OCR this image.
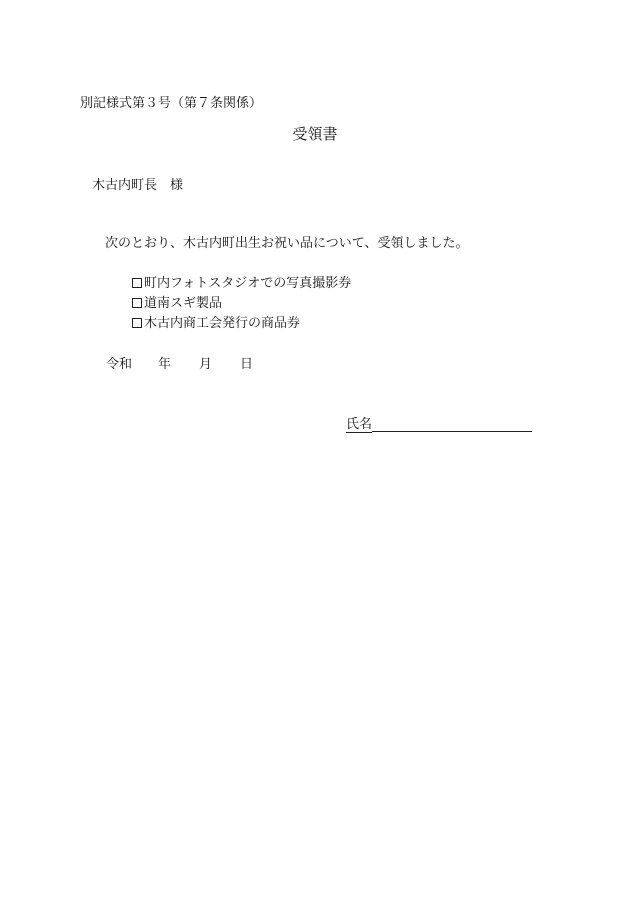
別記様式第３号（第７条関係）
受領書
木古内町長　様
次のとおり、木古内町出生お祝い品について、受領しました。
町内フォトスタジオでの写真撮影券
道南スギ製品
木古内商工会発行の商品券
令和 年 月 日
氏名
